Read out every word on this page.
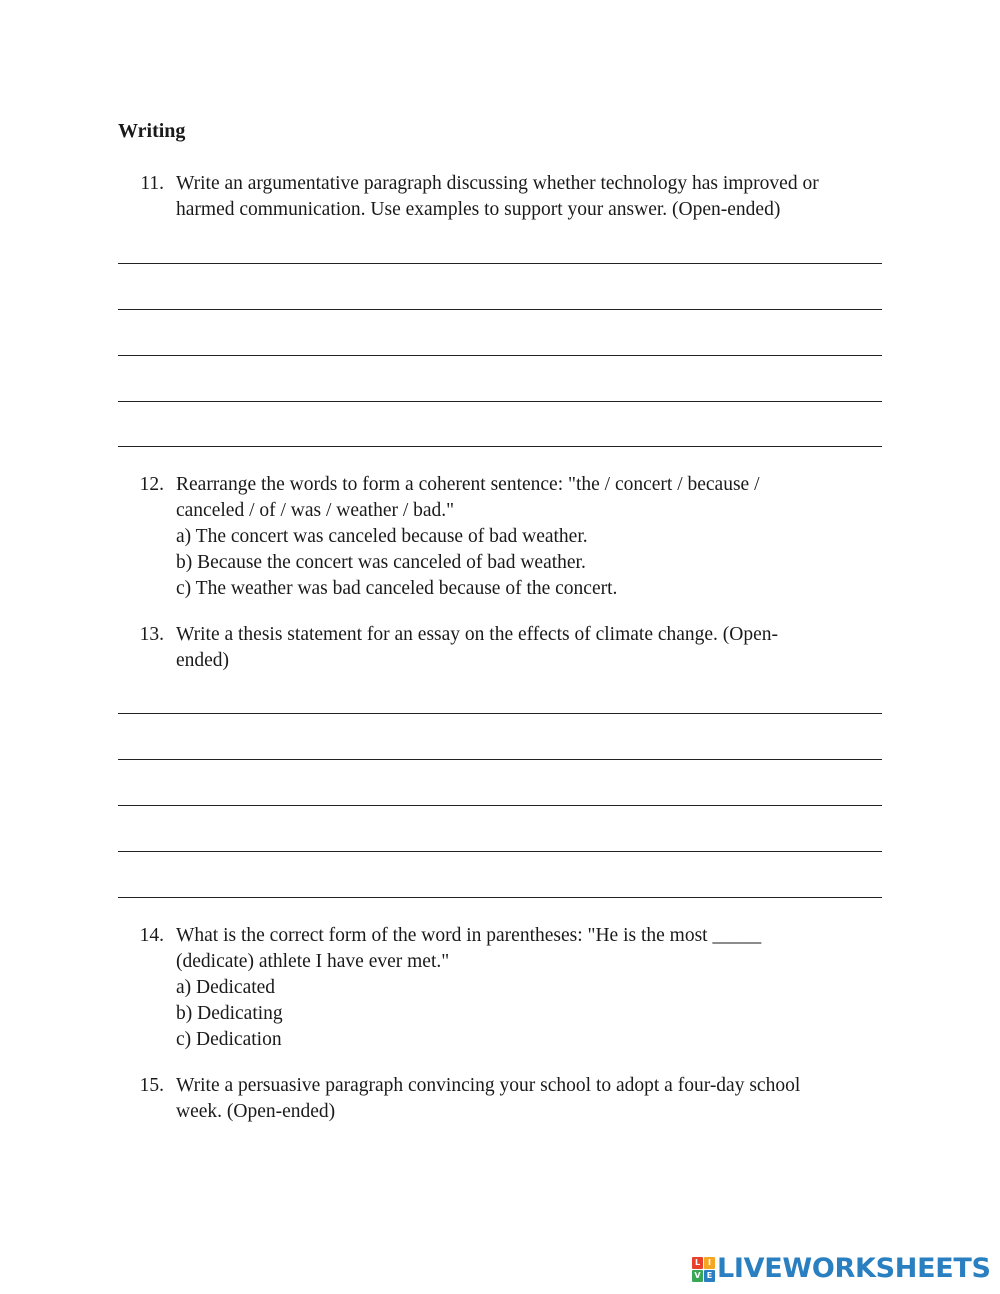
Writing
11. Write an argumentative paragraph discussing whether technology has improved or
harmed communication. Use examples to support your answer. (Open-ended)
12. Rearrange the words to form a coherent sentence: "the / concert / because /
canceled / of / was / weather / bad."
a) The concert was canceled because of bad weather.
b) Because the concert was canceled of bad weather.
c) The weather was bad canceled because of the concert.
13. Write a thesis statement for an essay on the effects of climate change. (Open-
ended)
14. What is the correct form of the word in parentheses: "He is the most _____
(dedicate) athlete I have ever met."
a) Dedicated
b) Dedicating
c) Dedication
15. Write a persuasive paragraph convincing your school to adopt a four-day school
week. (Open-ended)
L I
V E LIVEWORKSHEETS
